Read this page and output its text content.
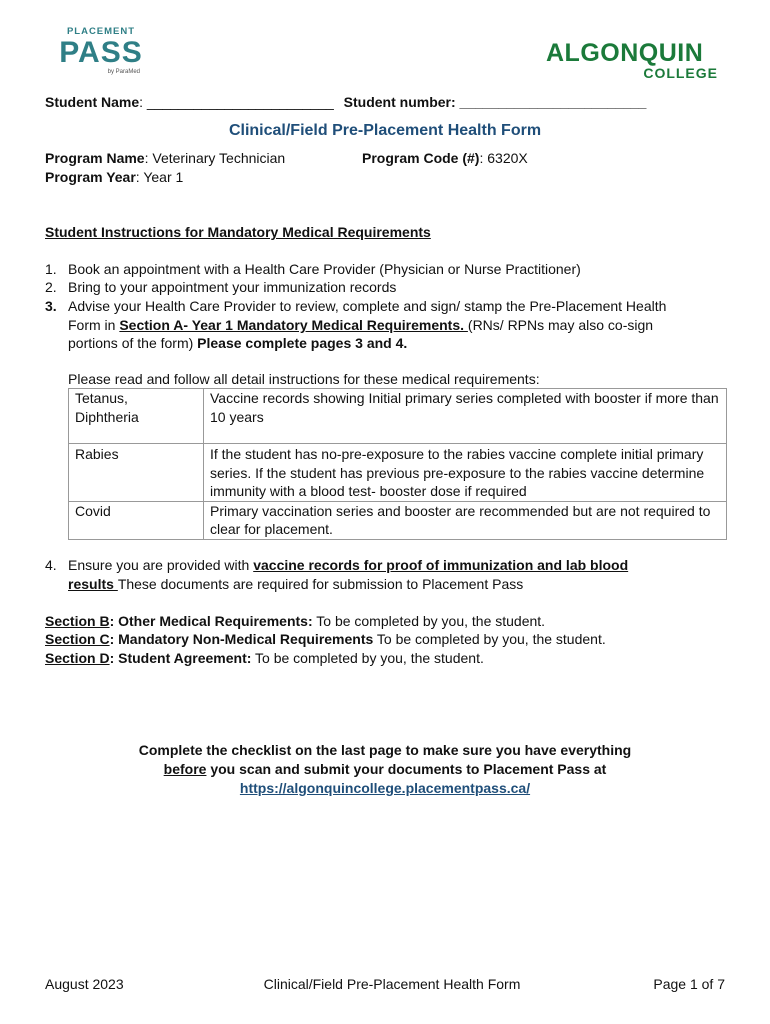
PLACEMENT
PASS
by ParaMed
ALGONQUIN
COLLEGE
Student Name: ________________________ Student number: ________________________
Clinical/Field Pre-Placement Health Form
Program Name: Veterinary Technician	Program Code (#): 6320X
Program Year: Year 1
Student Instructions for Mandatory Medical Requirements
1. Book an appointment with a Health Care Provider (Physician or Nurse Practitioner)
2. Bring to your appointment your immunization records
3. Advise your Health Care Provider to review, complete and sign/ stamp the Pre-Placement Health
Form in Section A- Year 1 Mandatory Medical Requirements. (RNs/ RPNs may also co-sign
portions of the form) Please complete pages 3 and 4.
Please read and follow all detail instructions for these medical requirements:
Tetanus,
Diphtheria	Vaccine records showing Initial primary series completed with booster if more than 10 years
Rabies	If the student has no-pre-exposure to the rabies vaccine complete initial primary series. If the student has previous pre-exposure to the rabies vaccine determine immunity with a blood test- booster dose if required
Covid	Primary vaccination series and booster are recommended but are not required to clear for placement.
4. Ensure you are provided with vaccine records for proof of immunization and lab blood
results These documents are required for submission to Placement Pass
Section B: Other Medical Requirements: To be completed by you, the student.
Section C: Mandatory Non-Medical Requirements To be completed by you, the student.
Section D: Student Agreement: To be completed by you, the student.
Complete the checklist on the last page to make sure you have everything
before you scan and submit your documents to Placement Pass at
https://algonquincollege.placementpass.ca/
August 2023	Clinical/Field Pre-Placement Health Form	Page 1 of 7
